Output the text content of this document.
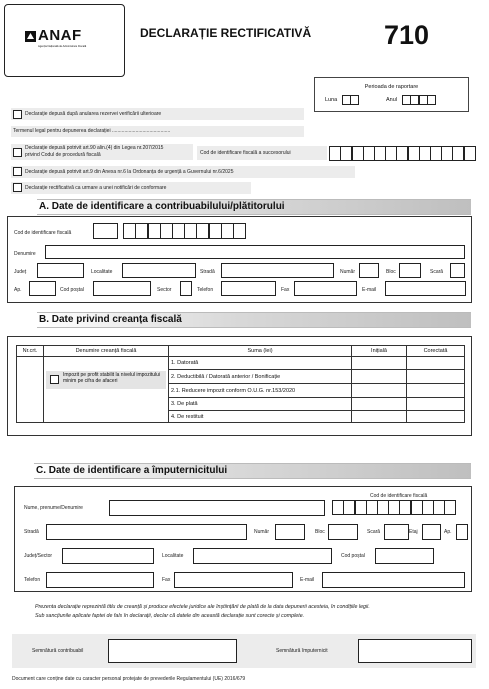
ANAF
Agenția Națională de Administrare Fiscală
DECLARAȚIE RECTIFICATIVĂ	710
Perioada de raportare
Luna	Anul
Declarație depusă după anularea rezervei verificării ulterioare
Termenul legal pentru depunerea declarației ..........................................
Declarație depusă potrivit art.90 alin.(4) din Legea nr.207/2015
privind Codul de procedură fiscală	Cod de identificare fiscală a succesorului
Declarație depusă potrivit art.9 din Anexa nr.6 la Ordonanța de urgență a Guvernului nr.6/2025
Declarație rectificativă ca urmare a unei notificări de conformare
A. Date de identificare a contribuabilului/plătitorului
Cod de identificare fiscală
Denumire
Județ	Localitate	Stradă	Număr	Bloc	Scară
Ap.	Cod poștal	Sector	Telefon	Fax	E-mail
B. Date privind creanța fiscală
Nr.crt.	Denumire creanță fiscală	Suma (lei)	Inițială	Corectată

	Impozit pe profit stabilit la nivelul impozitului minim pe cifra de afaceri	1. Datorată		
		2. Deductibilă / Datorată anterior / Bonificație		
		2.1. Reducere impozit conform O.U.G. nr.153/2020		
		3. De plată		
		4. De restituit		
C. Date de identificare a împuternicitului
Nume, prenume/Denumire
Cod de identificare fiscală
Stradă	Număr	Bloc	Scară	Etaj	Ap.
Județ/Sector	Localitate	Cod poștal
Telefon	Fax	E-mail
Prezenta declarație reprezintă titlu de creanță și produce efectele juridice ale înștiințării de plată de la data depunerii acesteia, în condițiile legii.
Sub sancțiunile aplicate faptei de fals în declarații, declar că datele din această declarație sunt corecte și complete.
Semnătură contribuabil	Semnătură împuternicit
Document care conține date cu caracter personal protejate de prevederile Regulamentului (UE) 2016/679
